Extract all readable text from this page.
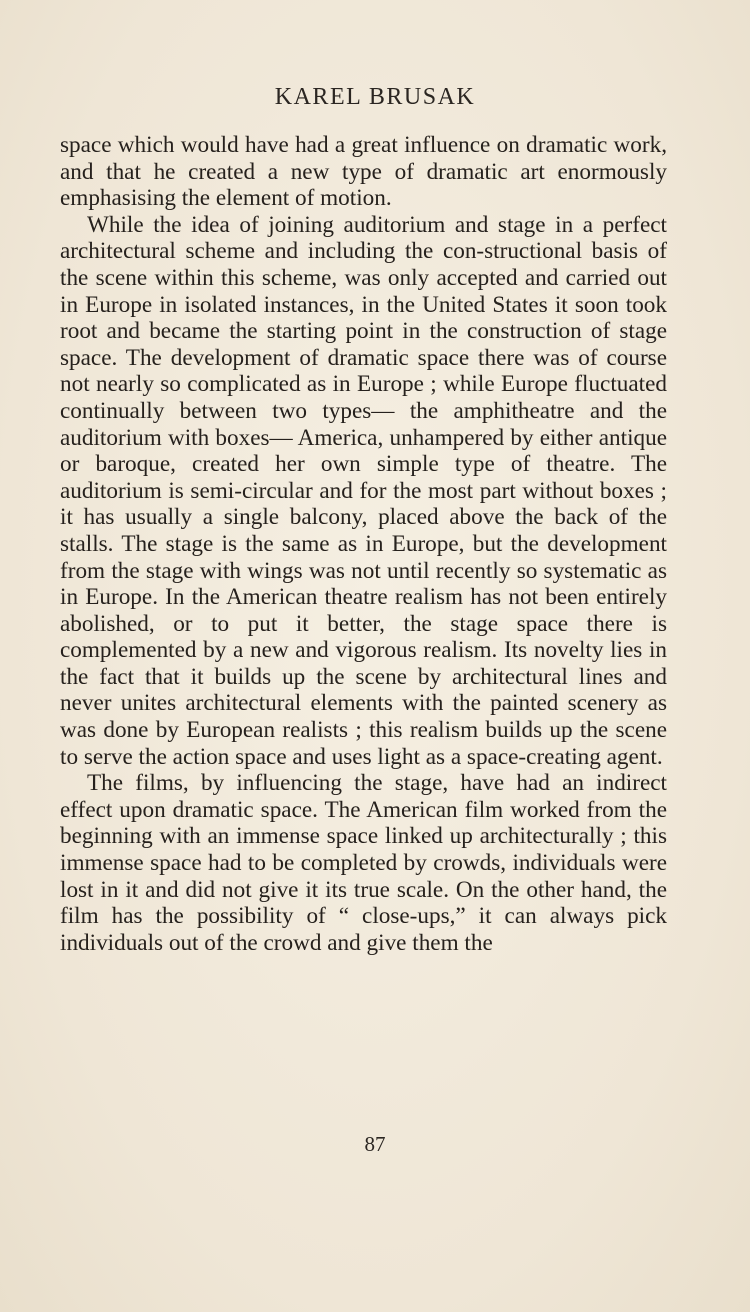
KAREL BRUSAK

space which would have had a great influence on dramatic work, and that he created a new type of dramatic art enormously emphasising the element of motion.

While the idea of joining auditorium and stage in a perfect architectural scheme and including the con-structional basis of the scene within this scheme, was only accepted and carried out in Europe in isolated instances, in the United States it soon took root and became the starting point in the construction of stage space. The development of dramatic space there was of course not nearly so complicated as in Europe ; while Europe fluctuated continually between two types— the amphitheatre and the auditorium with boxes— America, unhampered by either antique or baroque, created her own simple type of theatre. The auditorium is semi-circular and for the most part without boxes ; it has usually a single balcony, placed above the back of the stalls. The stage is the same as in Europe, but the development from the stage with wings was not until recently so systematic as in Europe. In the American theatre realism has not been entirely abolished, or to put it better, the stage space there is complemented by a new and vigorous realism. Its novelty lies in the fact that it builds up the scene by architectural lines and never unites architectural elements with the painted scenery as was done by European realists ; this realism builds up the scene to serve the action space and uses light as a space-creating agent.

The films, by influencing the stage, have had an indirect effect upon dramatic space. The American film worked from the beginning with an immense space linked up architecturally ; this immense space had to be completed by crowds, individuals were lost in it and did not give it its true scale. On the other hand, the film has the possibility of “ close-ups,” it can always pick individuals out of the crowd and give them the

87
